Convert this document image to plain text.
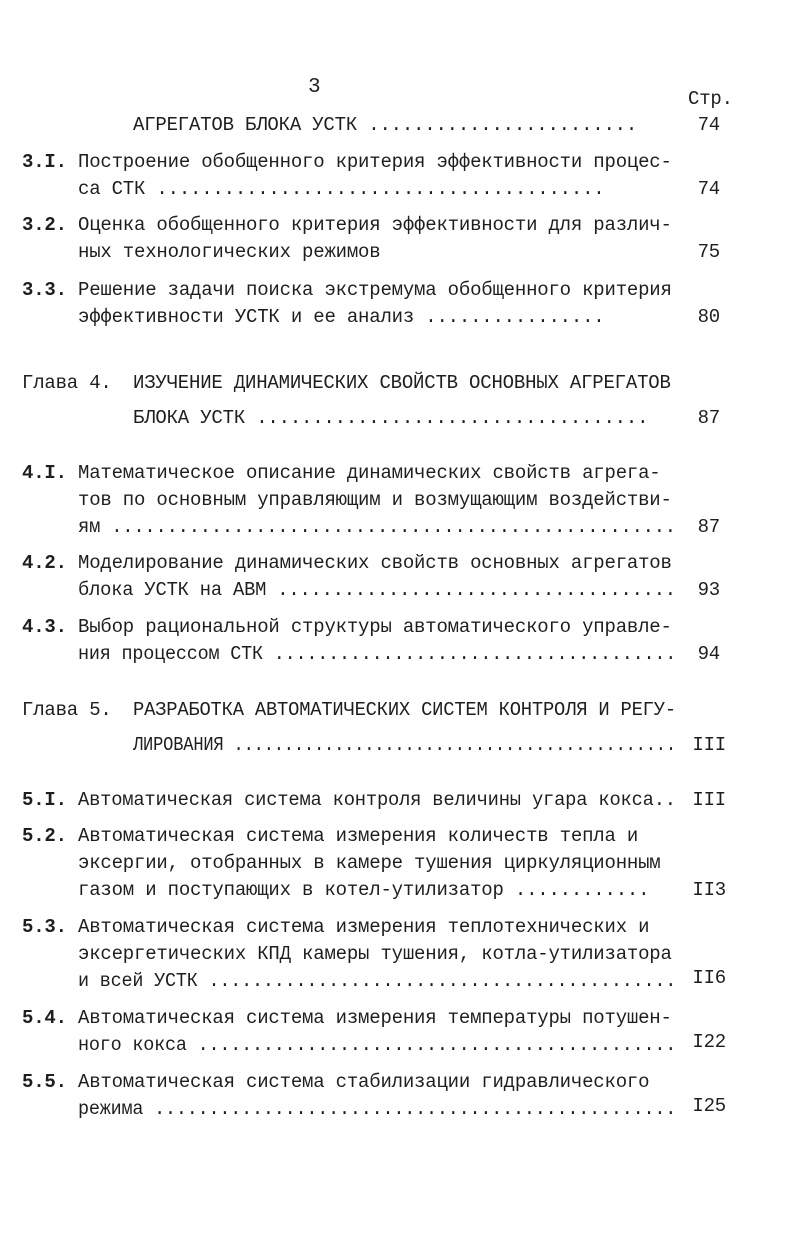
3	Стр.
АГРЕГАТОВ БЛОКА УСТК ........................	74
3.I. Построение обобщенного критерия эффективности процес-
са СТК ........................................	74
3.2. Оценка обобщенного критерия эффективности для различ-
ных технологических режимов	75
3.3. Решение задачи поиска экстремума обобщенного критерия
эффективности УСТК и ее анализ ................	80
Глава 4. ИЗУЧЕНИЕ ДИНАМИЧЕСКИХ СВОЙСТВ ОСНОВНЫХ АГРЕГАТОВ
БЛОКА УСТК ...................................	87
4.I. Математическое описание динамических свойств агрега-
тов по основным управляющим и возмущающим воздействи-
ям ...................................................	87
4.2. Моделирование динамических свойств основных агрегатов
блока УСТК на АВМ ....................................	93
4.3. Выбор рациональной структуры автоматического управле-
ния процессом СТК .....................................	94
Глава 5. РАЗРАБОТКА АВТОМАТИЧЕСКИХ СИСТЕМ КОНТРОЛЯ И РЕГУ-
ЛИРОВАНИЯ ............................................ III
5.I. Автоматическая система контроля величины угара кокса.. III
5.2. Автоматическая система измерения количеств тепла и
эксергии, отобранных в камере тушения циркуляционным
газом и поступающих в котел-утилизатор ............	II3
5.3. Автоматическая система измерения теплотехнических и
эксергетических КПД камеры тушения, котла-утилизатора
и всей УСТК ........................................... II6
5.4. Автоматическая система измерения температуры потушен-
ного кокса ............................................ I22
5.5. Автоматическая система стабилизации гидравлического
режима ................................................ I25
